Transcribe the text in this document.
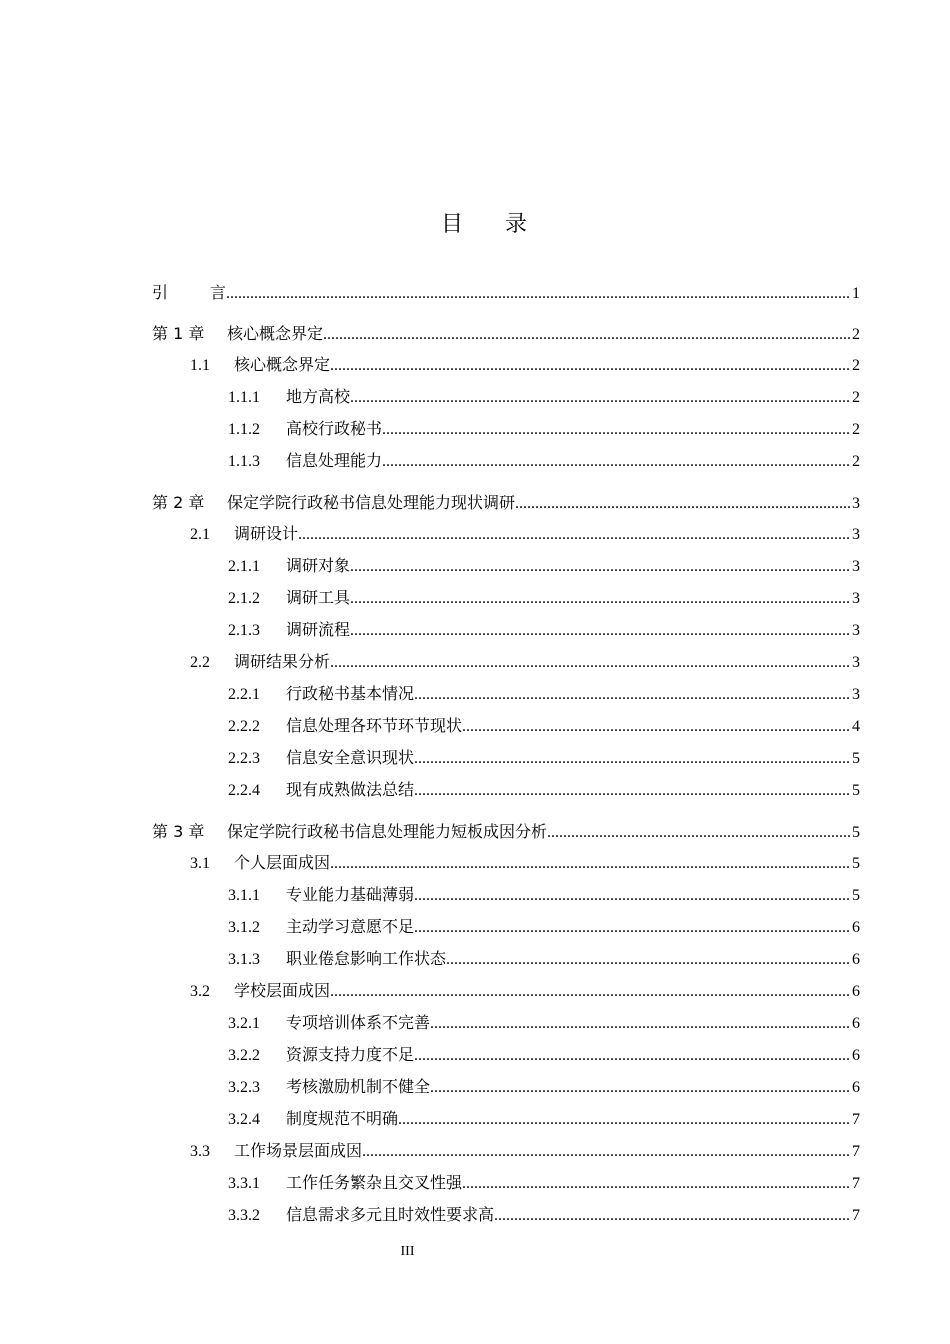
目录
引	言 .....	1
第 1 章 核心概念界定 .....	2
1.1 核心概念界定 .....	2
1.1.1 地方高校 .....	2
1.1.2 高校行政秘书 .....	2
1.1.3 信息处理能力 .....	2
第 2 章 保定学院行政秘书信息处理能力现状调研 .....	3
2.1 调研设计 .....	3
2.1.1 调研对象 .....	3
2.1.2 调研工具 .....	3
2.1.3 调研流程 .....	3
2.2 调研结果分析 .....	3
2.2.1 行政秘书基本情况 .....	3
2.2.2 信息处理各环节环节现状 .....	4
2.2.3 信息安全意识现状 .....	5
2.2.4 现有成熟做法总结 .....	5
第 3 章 保定学院行政秘书信息处理能力短板成因分析 .....	5
3.1 个人层面成因 .....	5
3.1.1 专业能力基础薄弱 .....	5
3.1.2 主动学习意愿不足 .....	6
3.1.3 职业倦怠影响工作状态 .....	6
3.2 学校层面成因 .....	6
3.2.1 专项培训体系不完善 .....	6
3.2.2 资源支持力度不足 .....	6
3.2.3 考核激励机制不健全 .....	6
3.2.4 制度规范不明确 .....	7
3.3 工作场景层面成因 .....	7
3.3.1 工作任务繁杂且交叉性强 .....	7
3.3.2 信息需求多元且时效性要求高 .....	7
III
